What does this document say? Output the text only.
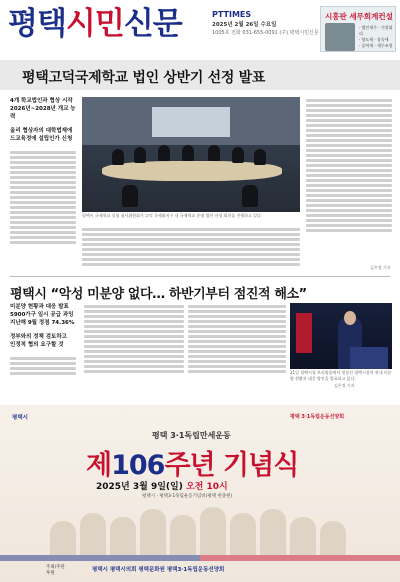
평택시민신문	PTTIMES
2025년 2월 26일 수요일
1005호 전화 031-655-0091 (주) 평택시민신문
시흥판 세무회계컨설
· 법인세무 · 기장대리
· 양도세 · 상속세
· 증여세 · 세무조정
평택고덕국제학교 법인 상반기 선정 발표
4개 학교법인과 협상 시작
2026년~2028년 개교 능력
올리 협상자의 대학법제에
드교육정에 설립인가 신청
평택시 국제학교 설립 심사위원회가 고덕 국제화지구 내 국제학교 운영 법인 선정 회의를 진행하고 있다.
김은정 기자
평택시 “악성 미분양 없다… 하반기부터 점진적 해소”
미분양 현황과 대응 발표
5900가구 일시 공급 과잉
지난해 9월 정점 74.36%
정부와의 정책 검토하고
인정적 협의 요구할 것
21일 평택시청 브리핑룸에서 정장선 평택시장이 관내 미분양 현황과 대응 방안을 발표하고 있다.
김은정 기자
평택시	평택 3·1독립운동선양회
평택 3·1독립만세운동
제106주년 기념식
2025년 3월 9일(일) 오전 10시
평택시 · 평택3·1독립운동기념비(평택 현충원)
주최/주관
후원
평택시 평택시의회 평택문화원 평택3·1독립운동선양회
